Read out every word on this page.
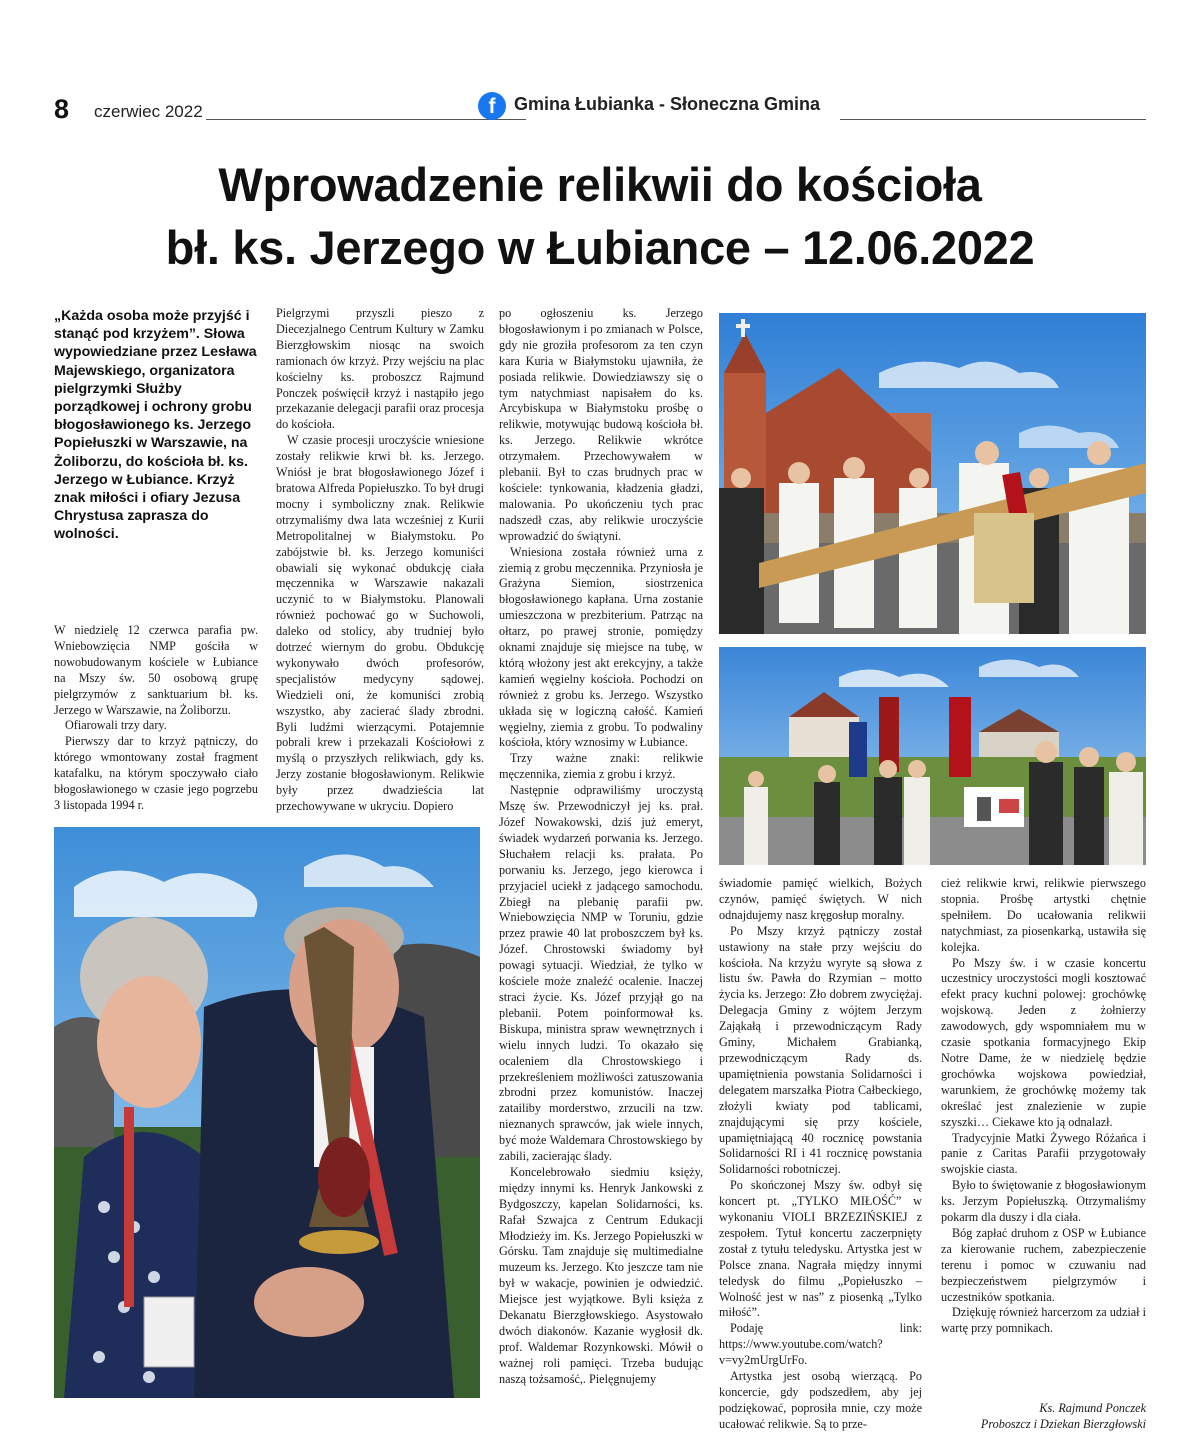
8 czerwiec 2022	f	Gmina Łubianka - Słoneczna Gmina
Wprowadzenie relikwii do kościoła
bł. ks. Jerzego w Łubiance – 12.06.2022
„Każda osoba może przyjść i stanąć pod krzyżem”. Słowa wypowiedziane przez Lesława Majewskiego, organizatora pielgrzymki Służby porządkowej i ochrony grobu błogosławionego ks. Jerzego Popiełuszki w Warszawie, na Żoliborzu, do kościoła bł. ks. Jerzego w Łubiance. Krzyż znak miłości i ofiary Jezusa Chrystusa zaprasza do wolności.

W niedzielę 12 czerwca parafia pw. Wniebowzięcia NMP gościła w nowobudowanym kościele w Łubiance na Mszy św. 50 osobową grupę pielgrzymów z sanktuarium bł. ks. Jerzego w Warszawie, na Żoliborzu.

Ofiarowali trzy dary.

Pierwszy dar to krzyż pątniczy, do którego wmontowany został fragment katafalku, na którym spoczywało ciało błogosławionego w czasie jego pogrzebu 3 listopada 1994 r.

Pielgrzymi przyszli pieszo z Diecezjalnego Centrum Kultury w Zamku Bierzgłowskim niosąc na swoich ramionach ów krzyż. Przy wejściu na plac kościelny ks. proboszcz Rajmund Ponczek poświęcił krzyż i nastąpiło jego przekazanie delegacji parafii oraz procesja do kościoła.

W czasie procesji uroczyście wniesione zostały relikwie krwi bł. ks. Jerzego. Wniósł je brat błogosławionego Józef i bratowa Alfreda Popiełuszko. To był drugi mocny i symboliczny znak. Relikwie otrzymaliśmy dwa lata wcześniej z Kurii Metropolitalnej w Białymstoku. Po zabójstwie bł. ks. Jerzego komuniści obawiali się wykonać obdukcję ciała męczennika w Warszawie nakazali uczynić to w Białymstoku. Planowali również pochować go w Suchowoli, daleko od stolicy, aby trudniej było dotrzeć wiernym do grobu. Obdukcję wykonywało dwóch profesorów, specjalistów medycyny sądowej. Wiedzieli oni, że komuniści zrobią wszystko, aby zacierać ślady zbrodni. Byli ludźmi wierzącymi. Potajemnie pobrali krew i przekazali Kościołowi z myślą o przyszłych relikwiach, gdy ks. Jerzy zostanie błogosławionym. Relikwie były przez dwadzieścia lat przechowywane w ukryciu. Dopiero

po ogłoszeniu ks. Jerzego błogosławionym i po zmianach w Polsce, gdy nie groziła profesorom za ten czyn kara Kuria w Białymstoku ujawniła, że posiada relikwie. Dowiedziawszy się o tym natychmiast napisałem do ks. Arcybiskupa w Białymstoku prośbę o relikwie, motywując budową kościoła bł. ks. Jerzego. Relikwie wkrótce otrzymałem. Przechowywałem w plebanii. Był to czas brudnych prac w kościele: tynkowania, kładzenia gładzi, malowania. Po ukończeniu tych prac nadszedł czas, aby relikwie uroczyście wprowadzić do świątyni.

Wniesiona została również urna z ziemią z grobu męczennika. Przyniosła je Grażyna Siemion, siostrzenica błogosławionego kapłana. Urna zostanie umieszczona w prezbiterium. Patrząc na ołtarz, po prawej stronie, pomiędzy oknami znajduje się miejsce na tubę, w którą włożony jest akt erekcyjny, a także kamień węgielny kościoła. Pochodzi on również z grobu ks. Jerzego. Wszystko układa się w logiczną całość. Kamień węgielny, ziemia z grobu. To podwaliny kościoła, który wznosimy w Łubiance.

Trzy ważne znaki: relikwie męczennika, ziemia z grobu i krzyż.

Następnie odprawiliśmy uroczystą Mszę św. Przewodniczył jej ks. prał. Józef Nowakowski, dziś już emeryt, świadek wydarzeń porwania ks. Jerzego. Słuchałem relacji ks. prałata. Po porwaniu ks. Jerzego, jego kierowca i przyjaciel uciekł z jadącego samochodu. Zbiegł na plebanię parafii pw. Wniebowzięcia NMP w Toruniu, gdzie przez prawie 40 lat proboszczem był ks. Józef. Chrostowski świadomy był powagi sytuacji. Wiedział, że tylko w kościele może znaleźć ocalenie. Inaczej straci życie. Ks. Józef przyjął go na plebanii. Potem poinformował ks. Biskupa, ministra spraw wewnętrznych i wielu innych ludzi. To okazało się ocaleniem dla Chrostowskiego i przekreśleniem możliwości zatuszowania zbrodni przez komunistów. Inaczej zatailiby morderstwo, zrzucili na tzw. nieznanych sprawców, jak wiele innych, być może Waldemara Chrostowskiego by zabili, zacierając ślady.

Koncelebrowało siedmiu księży, między innymi ks. Henryk Jankowski z Bydgoszczy, kapelan Solidarności, ks. Rafał Szwajca z Centrum Edukacji Młodzieży im. Ks. Jerzego Popiełuszki w Górsku. Tam znajduje się multimedialne muzeum ks. Jerzego. Kto jeszcze tam nie był w wakacje, powinien je odwiedzić. Miejsce jest wyjątkowe. Byli księża z Dekanatu Bierzgłowskiego. Asystowało dwóch diakonów. Kazanie wygłosił dk. prof. Waldemar Rozynkowski. Mówił o ważnej roli pamięci. Trzeba budując naszą tożsamość,. Pielęgnujemy

świadomie pamięć wielkich, Bożych czynów, pamięć świętych. W nich odnajdujemy nasz kręgosłup moralny.

Po Mszy krzyż pątniczy został ustawiony na stałe przy wejściu do kościoła. Na krzyżu wyryte są słowa z listu św. Pawła do Rzymian – motto życia ks. Jerzego: Zło dobrem zwyciężaj. Delegacja Gminy z wójtem Jerzym Zająkałą i przewodniczącym Rady Gminy, Michałem Grabianką, przewodniczącym Rady ds. upamiętnienia powstania Solidarności i delegatem marszałka Piotra Całbeckiego, złożyli kwiaty pod tablicami, znajdującymi się przy kościele, upamiętniającą 40 rocznicę powstania Solidarności RI i 41 rocznicę powstania Solidarności robotniczej.

Po skończonej Mszy św. odbył się koncert pt. „TYLKO MIŁOŚĆ” w wykonaniu VIOLI BRZEZIŃSKIEJ z zespołem. Tytuł koncertu zaczerpnięty został z tytułu teledysku. Artystka jest w Polsce znana. Nagrała między innymi teledysk do filmu „Popiełuszko – Wolność jest w nas” z piosenką „Tylko miłość”.

Podaję link: https://www.youtube.com/watch?v=vy2mUrgUrFo.

Artystka jest osobą wierzącą. Po koncercie, gdy podszedłem, aby jej podziękować, poprosiła mnie, czy może ucałować relikwie. Są to prze-

cież relikwie krwi, relikwie pierwszego stopnia. Prośbę artystki chętnie spełniłem. Do ucałowania relikwii natychmiast, za piosenkarką, ustawiła się kolejka.

Po Mszy św. i w czasie koncertu uczestnicy uroczystości mogli kosztować efekt pracy kuchni polowej: grochówkę wojskową. Jeden z żołnierzy zawodowych, gdy wspomniałem mu w czasie spotkania formacyjnego Ekip Notre Dame, że w niedzielę będzie grochówka wojskowa powiedział, warunkiem, że grochówkę możemy tak określać jest znalezienie w zupie szyszki… Ciekawe kto ją odnalazł.

Tradycyjnie Matki Żywego Różańca i panie z Caritas Parafii przygotowały swojskie ciasta.

Było to świętowanie z błogosławionym ks. Jerzym Popiełuszką. Otrzymaliśmy pokarm dla duszy i dla ciała.

Bóg zapłać druhom z OSP w Łubiance za kierowanie ruchem, zabezpieczenie terenu i pomoc w czuwaniu nad bezpieczeństwem pielgrzymów i uczestników spotkania.

Dziękuję również harcerzom za udział i wartę przy pomnikach.

Ks. Rajmund Ponczek
Proboszcz i Dziekan Bierzgłowski
